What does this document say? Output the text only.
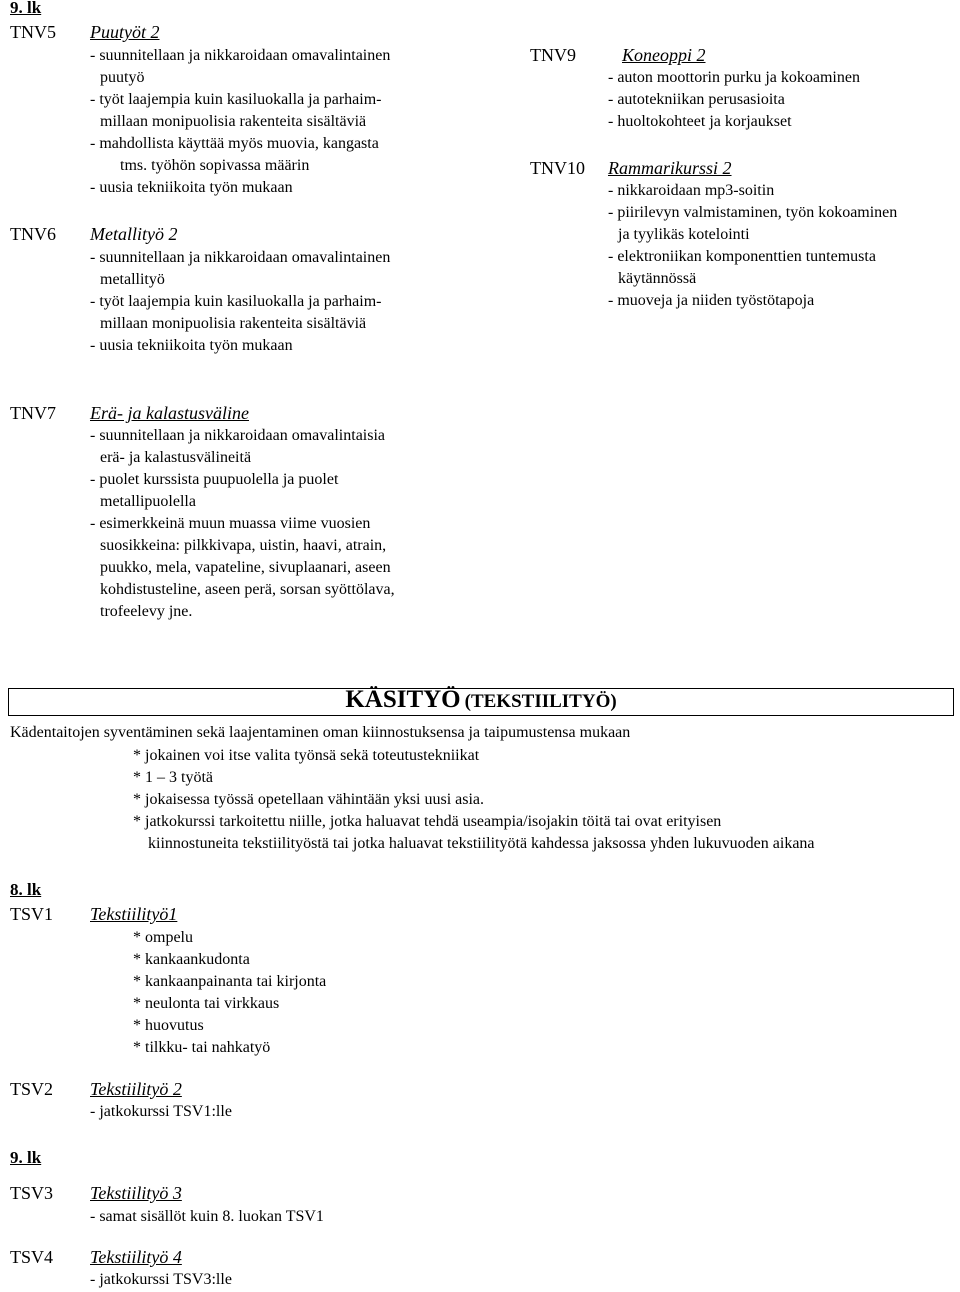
9. lk
TNV5 Puutyöt 2
- suunnitellaan ja nikkaroidaan omavalintainen
puutyö
- työt laajempia kuin kasiluokalla ja parhaim-
millaan monipuolisia rakenteita sisältäviä
- mahdollista käyttää myös muovia, kangasta
tms. työhön sopivassa määrin
- uusia tekniikoita työn mukaan
TNV6 Metallityö 2
- suunnitellaan ja nikkaroidaan omavalintainen
metallityö
- työt laajempia kuin kasiluokalla ja parhaim-
millaan monipuolisia rakenteita sisältäviä
- uusia tekniikoita työn mukaan
TNV9	Koneoppi 2
- auton moottorin purku ja kokoaminen
- autotekniikan perusasioita
- huoltokohteet ja korjaukset
TNV10 Rammarikurssi 2
- nikkaroidaan mp3-soitin
- piirilevyn valmistaminen, työn kokoaminen
ja tyylikäs kotelointi
- elektroniikan komponenttien tuntemusta
käytännössä
- muoveja ja niiden työstötapoja
TNV7 Erä- ja kalastusväline
- suunnitellaan ja nikkaroidaan omavalintaisia
erä- ja kalastusvälineitä
- puolet kurssista puupuolella ja puolet
metallipuolella
- esimerkkeinä muun muassa viime vuosien
suosikkeina: pilkkivapa, uistin, haavi, atrain,
puukko, mela, vapateline, sivuplaanari, aseen
kohdistusteline, aseen perä, sorsan syöttölava,
trofeelevy jne.
KÄSITYÖ (TEKSTIILITYÖ)
Kädentaitojen syventäminen sekä laajentaminen oman kiinnostuksensa ja taipumustensa mukaan
* jokainen voi itse valita työnsä sekä toteutustekniikat
* 1 – 3 työtä
* jokaisessa työssä opetellaan vähintään yksi uusi asia.
* jatkokurssi tarkoitettu niille, jotka haluavat tehdä useampia/isojakin töitä tai ovat erityisen
kiinnostuneita tekstiilityöstä tai jotka haluavat tekstiilityötä kahdessa jaksossa yhden lukuvuoden aikana
8. lk
TSV1 Tekstiilityö1
* ompelu
* kankaankudonta
* kankaanpainanta tai kirjonta
* neulonta tai virkkaus
* huovutus
* tilkku- tai nahkatyö
TSV2 Tekstiilityö 2
- jatkokurssi TSV1:lle
9. lk
TSV3 Tekstiilityö 3
- samat sisällöt kuin 8. luokan TSV1
TSV4 Tekstiilityö 4
- jatkokurssi TSV3:lle
